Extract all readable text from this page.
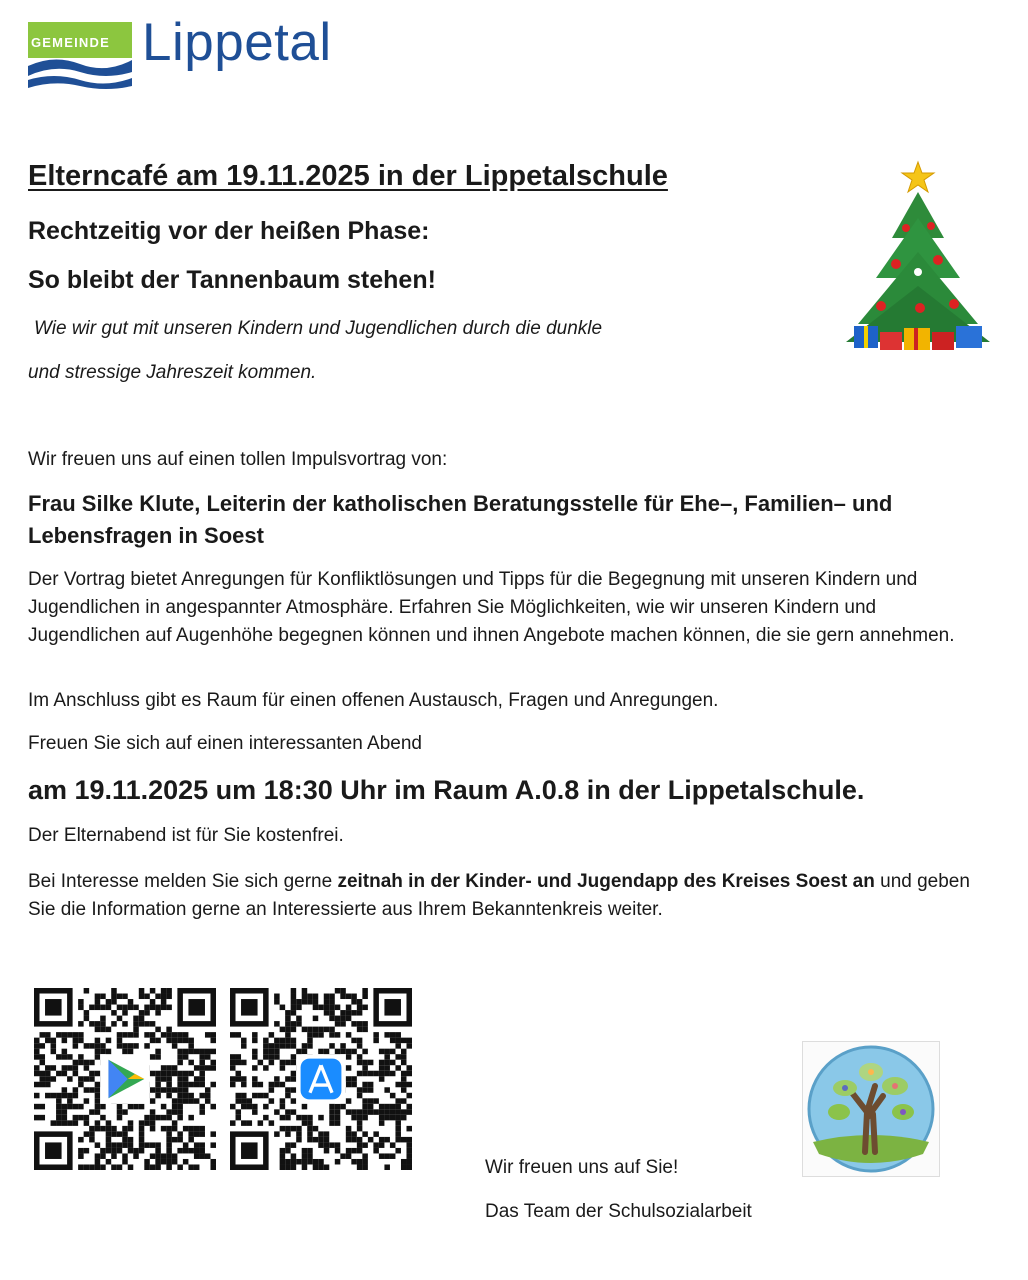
GEMEINDE Lippetal
Elterncafé am 19.11.2025 in der Lippetalschule
Rechtzeitig vor der heißen Phase:
So bleibt der Tannenbaum stehen!
Wie wir gut mit unseren Kindern und Jugendlichen durch die dunkle
und stressige Jahreszeit kommen.
Wir freuen uns auf einen tollen Impulsvortrag von:
Frau Silke Klute, Leiterin der katholischen Beratungsstelle für Ehe–, Familien– und Lebensfragen in Soest
Der Vortrag bietet Anregungen für Konfliktlösungen und Tipps für die Begegnung mit unseren Kindern und Jugendlichen in angespannter Atmosphäre. Erfahren Sie Möglichkeiten, wie wir unseren Kindern und Jugendlichen auf Augenhöhe begegnen können und ihnen Angebote machen können, die sie gern annehmen.
Im Anschluss gibt es Raum für einen offenen Austausch, Fragen und Anregungen.
Freuen Sie sich auf einen interessanten Abend
am 19.11.2025 um 18:30 Uhr im Raum A.0.8 in der Lippetalschule.
Der Elternabend ist für Sie kostenfrei.
Bei Interesse melden Sie sich gerne zeitnah in der Kinder- und Jugendapp des Kreises Soest an und geben Sie die Information gerne an Interessierte aus Ihrem Bekanntenkreis weiter.
Wir freuen uns auf Sie!
Das Team der Schulsozialarbeit
